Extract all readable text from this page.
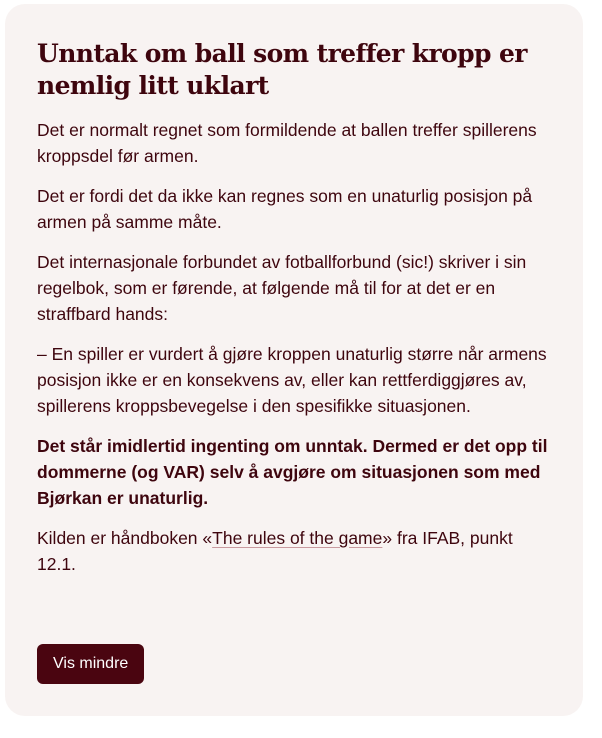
Unntak om ball som treffer kropp er nemlig litt uklart

Det er normalt regnet som formildende at ballen treffer spillerens kroppsdel før armen.

Det er fordi det da ikke kan regnes som en unaturlig posisjon på armen på samme måte.

Det internasjonale forbundet av fotballforbund (sic!) skriver i sin regelbok, som er førende, at følgende må til for at det er en straffbard hands:

– En spiller er vurdert å gjøre kroppen unaturlig større når armens posisjon ikke er en konsekvens av, eller kan rettferdiggjøres av, spillerens kroppsbevegelse i den spesifikke situasjonen.

Det står imidlertid ingenting om unntak. Dermed er det opp til dommerne (og VAR) selv å avgjøre om situasjonen som med Bjørkan er unaturlig.

Kilden er håndboken «The rules of the game» fra IFAB, punkt 12.1.

Vis mindre
